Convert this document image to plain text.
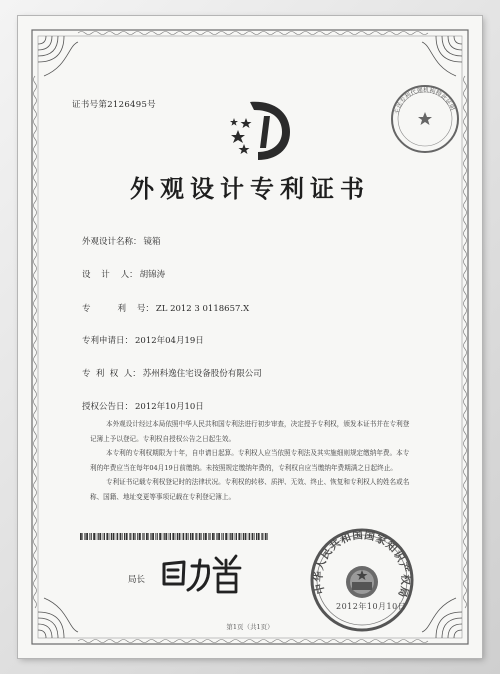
证书号第2126495号
主送专利代理机构特此证明
外观设计专利证书
外观设计名称： 镜箱
设    计    人： 胡锦涛
专          利    号： ZL 2012 3 0118657.X
专利申请日： 2012年04月19日
专  利  权  人： 苏州科逸住宅设备股份有限公司
授权公告日： 2012年10月10日

本外观设计经过本局依照中华人民共和国专利法进行初步审查，决定授予专利权，颁发本证书并在专利登记簿上予以登记。专利权自授权公告之日起生效。

本专利的专利权期限为十年，自申请日起算。专利权人应当依照专利法及其实施细则规定缴纳年费。本专利的年费应当在每年04月19日前缴纳。未按照规定缴纳年费的，专利权自应当缴纳年费期满之日起终止。

专利证书记载专利权登记时的法律状况。专利权的转移、质押、无效、终止、恢复和专利权人的姓名或名称、国籍、地址变更等事项记载在专利登记簿上。

局长
中华人民共和国国家知识产权局
2012年10月10日
第1页（共1页）
